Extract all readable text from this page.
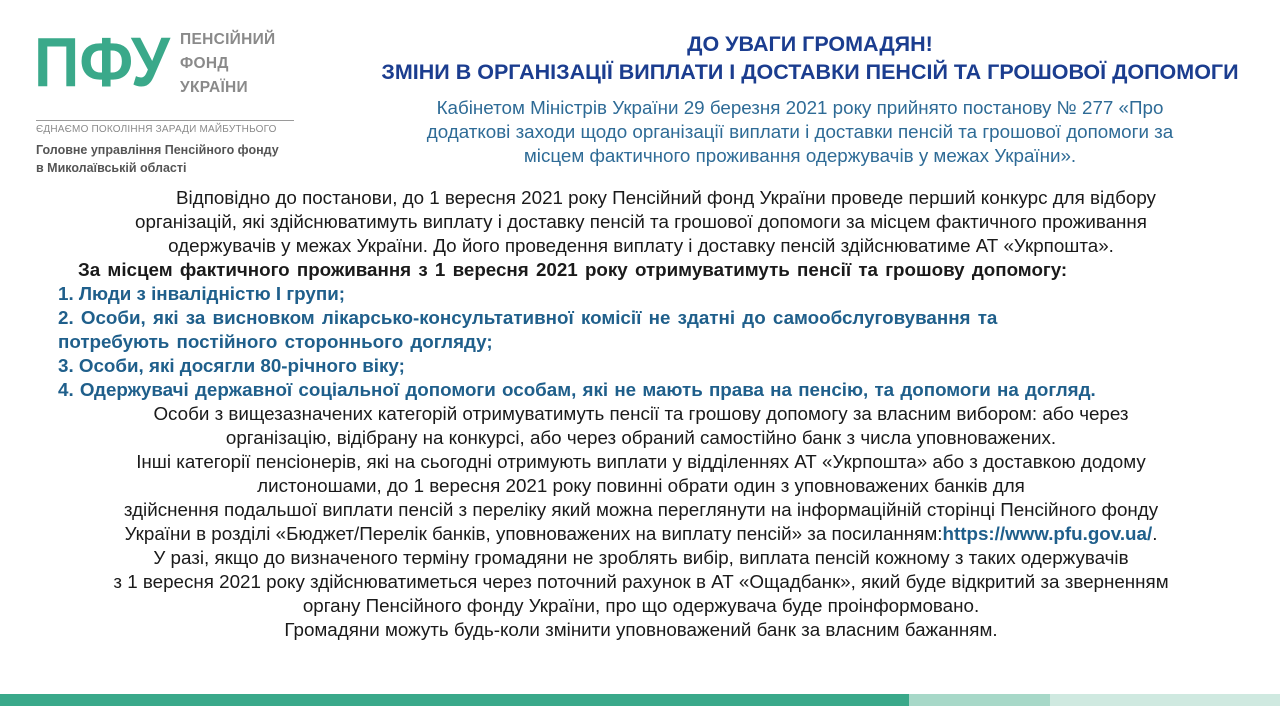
ПФУ ПЕНСІЙНИЙ
ФОНД
УКРАЇНИ
ЄДНАЄМО ПОКОЛІННЯ ЗАРАДИ МАЙБУТНЬОГО
Головне управління Пенсійного фонду
в Миколаївській області
ДО УВАГИ ГРОМАДЯН!
ЗМІНИ В ОРГАНІЗАЦІЇ ВИПЛАТИ І ДОСТАВКИ ПЕНСІЙ ТА ГРОШОВОЇ ДОПОМОГИ
Кабінетом Міністрів України 29 березня 2021 року прийнято постанову № 277 «Про
додаткові заходи щодо організації виплати і доставки пенсій та грошової допомоги за
місцем фактичного проживання одержувачів у межах України».
Відповідно до постанови, до 1 вересня 2021 року Пенсійний фонд України проведе перший конкурс для відбору
організацій, які здійснюватимуть виплату і доставку пенсій та грошової допомоги за місцем фактичного проживання
одержувачів у межах України. До його проведення виплату і доставку пенсій здійснюватиме АТ «Укрпошта».
За місцем фактичного проживання з 1 вересня 2021 року отримуватимуть пенсії та грошову допомогу:
1. Люди з інвалідністю І групи;
2. Особи, які за висновком лікарсько-консультативної комісії не здатні до самообслуговування та
потребують постійного стороннього догляду;
3. Особи, які досягли 80-річного віку;
4. Одержувачі державної соціальної допомоги особам, які не мають права на пенсію, та допомоги на догляд.
Особи з вищезазначених категорій отримуватимуть пенсії та грошову допомогу за власним вибором: або через
організацію, відібрану на конкурсі, або через обраний самостійно банк з числа уповноважених.
Інші категорії пенсіонерів, які на сьогодні отримують виплати у відділеннях АТ «Укрпошта» або з доставкою додому
листоношами, до 1 вересня 2021 року повинні обрати один з уповноважених банків для
здійснення подальшої виплати пенсій з переліку який можна переглянути на інформаційній сторінці Пенсійного фонду
України в розділі «Бюджет/Перелік банків, уповноважених на виплату пенсій» за посиланням:https://www.pfu.gov.ua/.
У разі, якщо до визначеного терміну громадяни не зроблять вибір, виплата пенсій кожному з таких одержувачів
з 1 вересня 2021 року здійснюватиметься через поточний рахунок в АТ «Ощадбанк», який буде відкритий за зверненням
органу Пенсійного фонду України, про що одержувача буде проінформовано.
Громадяни можуть будь-коли змінити уповноважений банк за власним бажанням.
